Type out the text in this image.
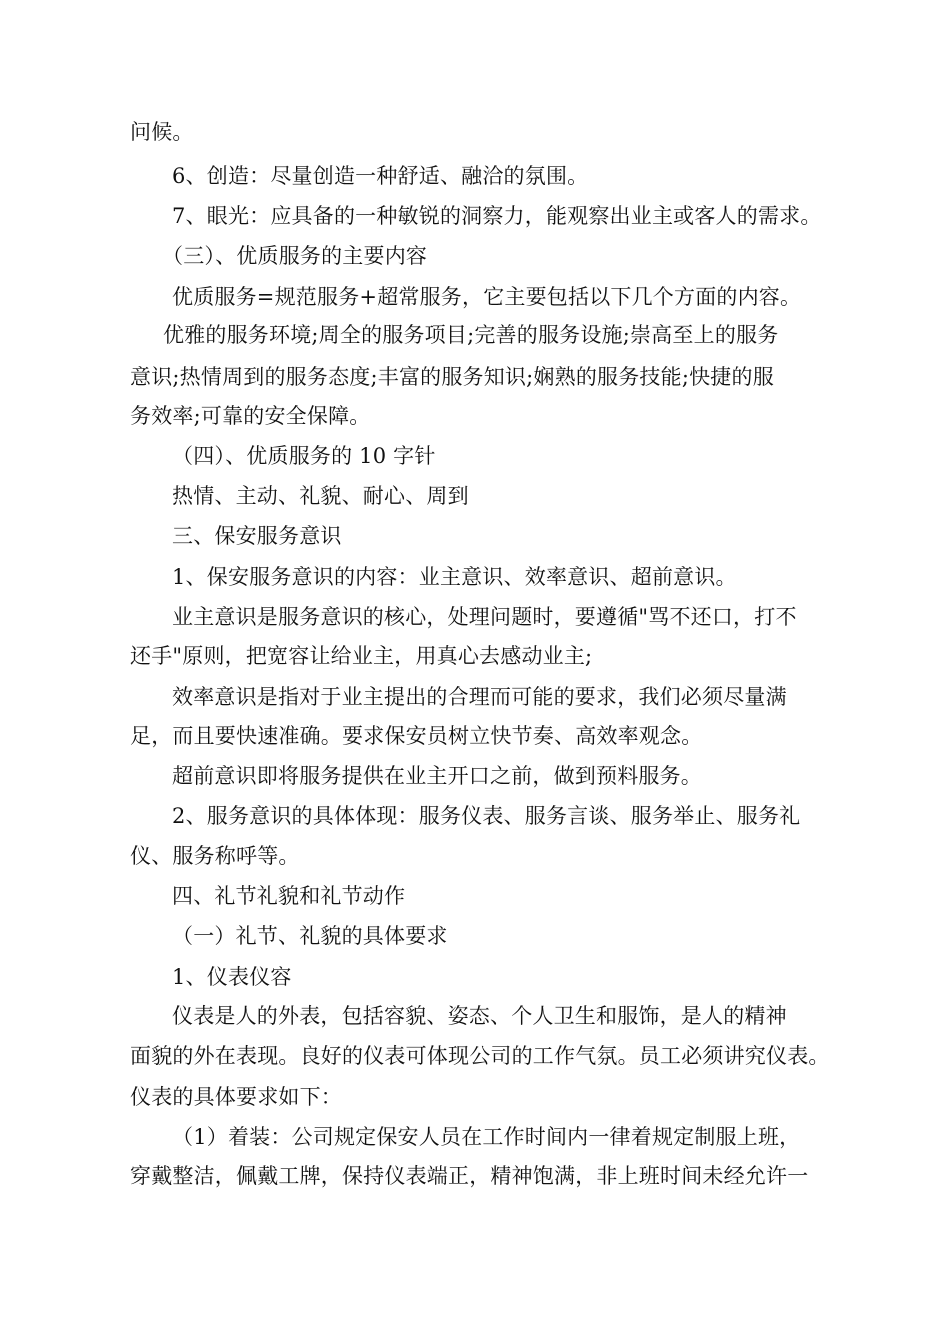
问候。
6、创造：尽量创造一种舒适、融洽的氛围。
7、眼光：应具备的一种敏锐的洞察力，能观察出业主或客人的需求。
（三）、优质服务的主要内容
优质服务=规范服务+超常服务，它主要包括以下几个方面的内容。
优雅的服务环境;周全的服务项目;完善的服务设施;崇高至上的服务
意识;热情周到的服务态度;丰富的服务知识;娴熟的服务技能;快捷的服
务效率;可靠的安全保障。
（四）、优质服务的 10 字针
热情、主动、礼貌、耐心、周到
三、保安服务意识
1、保安服务意识的内容：业主意识、效率意识、超前意识。
业主意识是服务意识的核心，处理问题时，要遵循"骂不还口，打不
还手"原则，把宽容让给业主，用真心去感动业主;
效率意识是指对于业主提出的合理而可能的要求，我们必须尽量满
足，而且要快速准确。要求保安员树立快节奏、高效率观念。
超前意识即将服务提供在业主开口之前，做到预料服务。
2、服务意识的具体体现：服务仪表、服务言谈、服务举止、服务礼
仪、服务称呼等。
四、礼节礼貌和礼节动作
（一）礼节、礼貌的具体要求
1、仪表仪容
仪表是人的外表，包括容貌、姿态、个人卫生和服饰，是人的精神
面貌的外在表现。良好的仪表可体现公司的工作气氛。员工必须讲究仪表。
仪表的具体要求如下：
（1）着装：公司规定保安人员在工作时间内一律着规定制服上班，
穿戴整洁，佩戴工牌，保持仪表端正，精神饱满，非上班时间未经允许一
